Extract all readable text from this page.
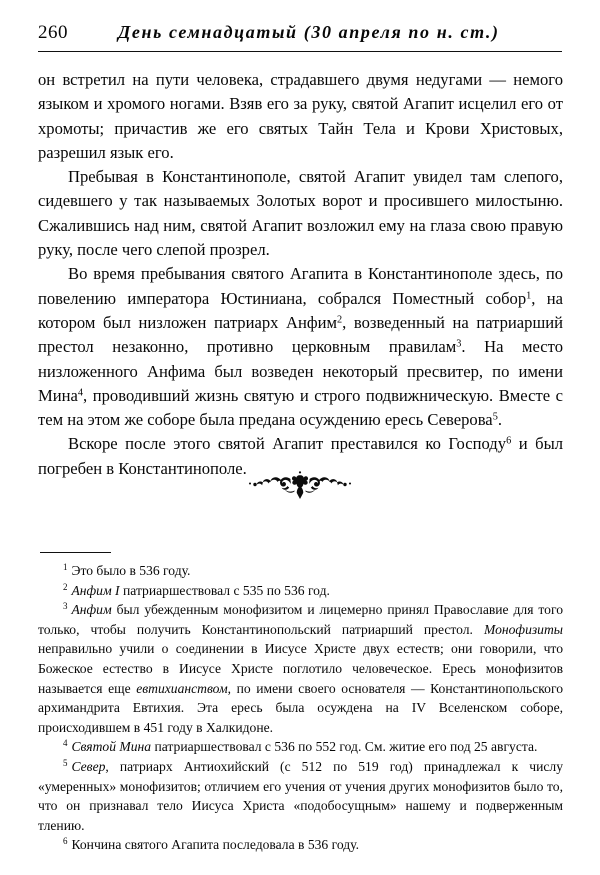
260	День семнадцатый (30 апреля по н. ст.)

он встретил на пути человека, страдавшего двумя недугами — немого языком и хромого ногами. Взяв его за руку, святой Агапит исцелил его от хромоты; причастив же его святых Тайн Тела и Крови Христовых, разрешил язык его.

Пребывая в Константинополе, святой Агапит увидел там слепого, сидевшего у так называемых Золотых ворот и просившего милостыню. Сжалившись над ним, святой Агапит возложил ему на глаза свою правую руку, после чего слепой прозрел.

Во время пребывания святого Агапита в Константинополе здесь, по повелению императора Юстиниана, собрался Поместный собор$^1$, на котором был низложен патриарх Анфим$^2$, возведенный на патриарший престол незаконно, противно церковным правилам$^3$. На место низложенного Анфима был возведен некоторый пресвитер, по имени Мина$^4$, проводивший жизнь святую и строго подвижническую. Вместе с тем на этом же соборе была предана осуждению ересь Северова$^5$.

Вскоре после этого святой Агапит преставился ко Господу$^6$ и был погребен в Константинополе.

$^1$ Это было в 536 году.

$^2$ Анфим I патриаршествовал с 535 по 536 год.

$^3$ Анфим был убежденным монофизитом и лицемерно принял Православие для того только, чтобы получить Константинопольский патриарший престол. Монофизиты неправильно учили о соединении в Иисусе Христе двух естеств; они говорили, что Божеское естество в Иисусе Христе поглотило человеческое. Ересь монофизитов называется еще евтихианством, по имени своего основателя — Константинопольского архимандрита Евтихия. Эта ересь была осуждена на IV Вселенском соборе, происходившем в 451 году в Халкидоне.

$^4$ Святой Мина патриаршествовал с 536 по 552 год. См. житие его под 25 августа.

$^5$ Север, патриарх Антиохийский (с 512 по 519 год) принадлежал к числу «умеренных» монофизитов; отличием его учения от учения других монофизитов было то, что он признавал тело Иисуса Христа «подобосущным» нашему и подверженным тлению.

$^6$ Кончина святого Агапита последовала в 536 году.
